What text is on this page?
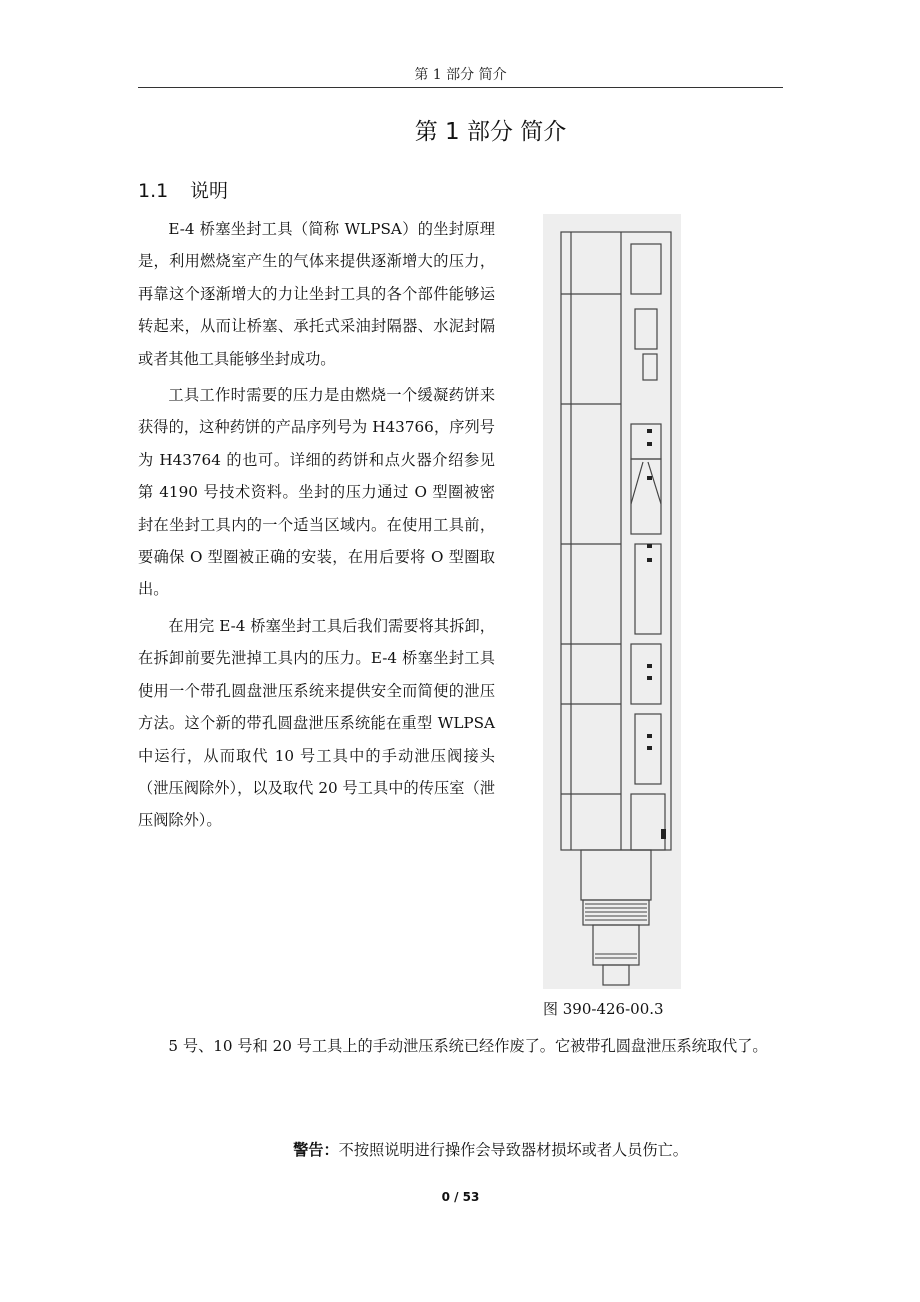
第 1 部分 简介
第 1 部分 简介
1.1 说明

E-4 桥塞坐封工具（简称 WLPSA）的坐封原理是，利用燃烧室产生的气体来提供逐渐增大的压力，再靠这个逐渐增大的力让坐封工具的各个部件能够运转起来，从而让桥塞、承托式采油封隔器、水泥封隔或者其他工具能够坐封成功。

工具工作时需要的压力是由燃烧一个缓凝药饼来获得的，这种药饼的产品序列号为 H43766，序列号为 H43764 的也可。详细的药饼和点火器介绍参见第 4190 号技术资料。坐封的压力通过 O 型圈被密封在坐封工具内的一个适当区域内。在使用工具前，要确保 O 型圈被正确的安装，在用后要将 O 型圈取出。

在用完 E-4 桥塞坐封工具后我们需要将其拆卸，在拆卸前要先泄掉工具内的压力。E-4 桥塞坐封工具使用一个带孔圆盘泄压系统来提供安全而简便的泄压方法。这个新的带孔圆盘泄压系统能在重型 WLPSA 中运行，从而取代 10 号工具中的手动泄压阀接头（泄压阀除外），以及取代 20 号工具中的传压室（泄压阀除外）。

图 390-426-00.3

5 号、10 号和 20 号工具上的手动泄压系统已经作废了。它被带孔圆盘泄压系统取代了。

警告：不按照说明进行操作会导致器材损坏或者人员伤亡。
0 / 53
